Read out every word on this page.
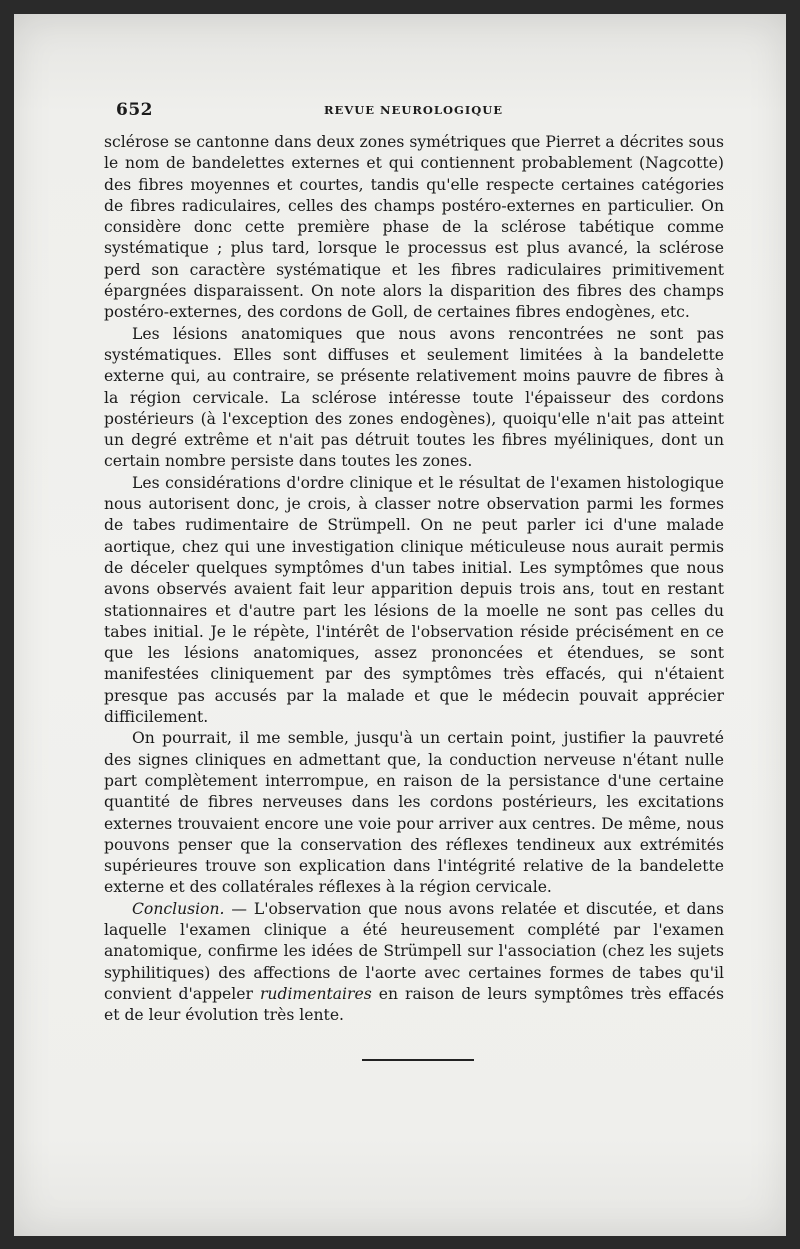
652	REVUE NEUROLOGIQUE

sclérose se cantonne dans deux zones symétriques que Pierret a décrites sous le nom de bandelettes externes et qui contiennent probablement (Nagcotte) des fibres moyennes et courtes, tandis qu'elle respecte certaines catégories de fibres radiculaires, celles des champs postéro-externes en particulier. On considère donc cette première phase de la sclérose tabétique comme systématique ; plus tard, lorsque le processus est plus avancé, la sclérose perd son caractère systématique et les fibres radiculaires primitivement épargnées disparaissent. On note alors la disparition des fibres des champs postéro-externes, des cordons de Goll, de certaines fibres endogènes, etc.

Les lésions anatomiques que nous avons rencontrées ne sont pas systématiques. Elles sont diffuses et seulement limitées à la bandelette externe qui, au contraire, se présente relativement moins pauvre de fibres à la région cervicale. La sclérose intéresse toute l'épaisseur des cordons postérieurs (à l'exception des zones endogènes), quoiqu'elle n'ait pas atteint un degré extrême et n'ait pas détruit toutes les fibres myéliniques, dont un certain nombre persiste dans toutes les zones.

Les considérations d'ordre clinique et le résultat de l'examen histologique nous autorisent donc, je crois, à classer notre observation parmi les formes de tabes rudimentaire de Strümpell. On ne peut parler ici d'une malade aortique, chez qui une investigation clinique méticuleuse nous aurait permis de déceler quelques symptômes d'un tabes initial. Les symptômes que nous avons observés avaient fait leur apparition depuis trois ans, tout en restant stationnaires et d'autre part les lésions de la moelle ne sont pas celles du tabes initial. Je le répète, l'intérêt de l'observation réside précisément en ce que les lésions anatomiques, assez prononcées et étendues, se sont manifestées cliniquement par des symptômes très effacés, qui n'étaient presque pas accusés par la malade et que le médecin pouvait apprécier difficilement.

On pourrait, il me semble, jusqu'à un certain point, justifier la pauvreté des signes cliniques en admettant que, la conduction nerveuse n'étant nulle part complètement interrompue, en raison de la persistance d'une certaine quantité de fibres nerveuses dans les cordons postérieurs, les excitations externes trouvaient encore une voie pour arriver aux centres. De même, nous pouvons penser que la conservation des réflexes tendineux aux extrémités supérieures trouve son explication dans l'intégrité relative de la bandelette externe et des collatérales réflexes à la région cervicale.

Conclusion. — L'observation que nous avons relatée et discutée, et dans laquelle l'examen clinique a été heureusement complété par l'examen anatomique, confirme les idées de Strümpell sur l'association (chez les sujets syphilitiques) des affections de l'aorte avec certaines formes de tabes qu'il convient d'appeler rudimentaires en raison de leurs symptômes très effacés et de leur évolution très lente.
